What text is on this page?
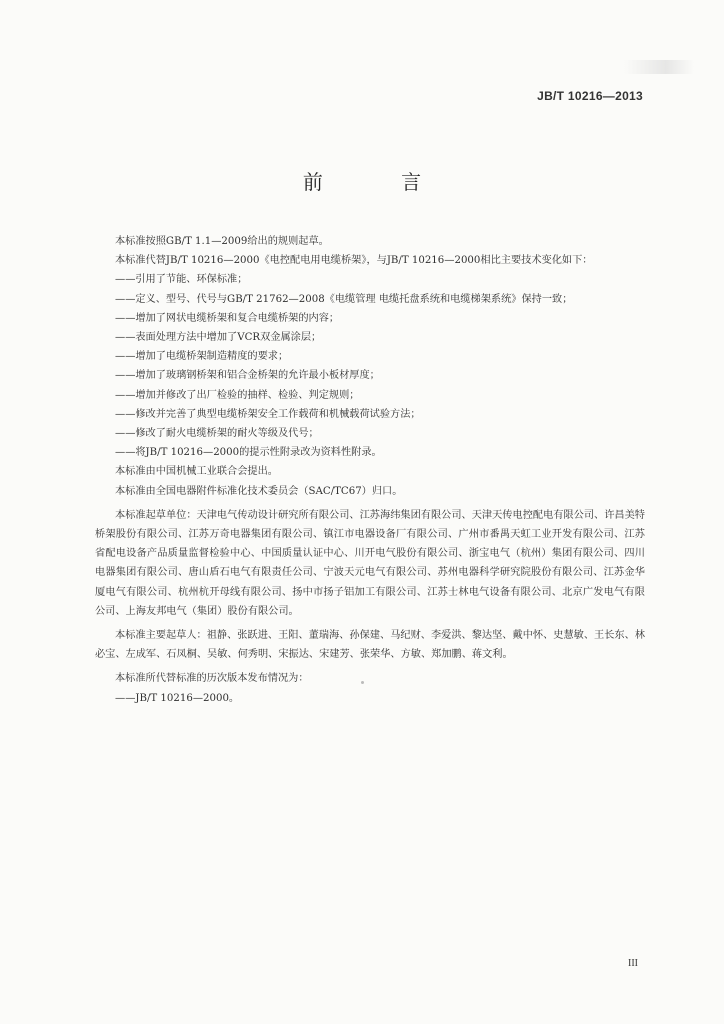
JB/T 10216—2013
前 言

本标准按照GB/T 1.1—2009给出的规则起草。

本标准代替JB/T 10216—2000《电控配电用电缆桥架》，与JB/T 10216—2000相比主要技术变化如下：

——引用了节能、环保标准；

——定义、型号、代号与GB/T 21762—2008《电缆管理 电缆托盘系统和电缆梯架系统》保持一致；

——增加了网状电缆桥架和复合电缆桥架的内容；

——表面处理方法中增加了VCR双金属涂层；

——增加了电缆桥架制造精度的要求；

——增加了玻璃钢桥架和铝合金桥架的允许最小板材厚度；

——增加并修改了出厂检验的抽样、检验、判定规则；

——修改并完善了典型电缆桥架安全工作载荷和机械载荷试验方法；

——修改了耐火电缆桥架的耐火等级及代号；

——将JB/T 10216—2000的提示性附录改为资料性附录。

本标准由中国机械工业联合会提出。

本标准由全国电器附件标准化技术委员会（SAC/TC67）归口。

本标准起草单位：天津电气传动设计研究所有限公司、江苏海纬集团有限公司、天津天传电控配电有限公司、许昌美特桥架股份有限公司、江苏万奇电器集团有限公司、镇江市电器设备厂有限公司、广州市番禺天虹工业开发有限公司、江苏省配电设备产品质量监督检验中心、中国质量认证中心、川开电气股份有限公司、浙宝电气（杭州）集团有限公司、四川电器集团有限公司、唐山盾石电气有限责任公司、宁波天元电气有限公司、苏州电器科学研究院股份有限公司、江苏金华厦电气有限公司、杭州杭开母线有限公司、扬中市扬子铝加工有限公司、江苏士林电气设备有限公司、北京广发电气有限公司、上海友邦电气（集团）股份有限公司。

本标准主要起草人：祖静、张跃进、王阳、董瑞海、孙保建、马纪财、李爱洪、黎达坚、戴中怀、史慧敏、王长东、林必宝、左成军、石凤桐、吴敏、何秀明、宋振达、宋建芳、张荣华、方敏、郑加鹏、蒋文利。

本标准所代替标准的历次版本发布情况为：

——JB/T 10216—2000。

III
